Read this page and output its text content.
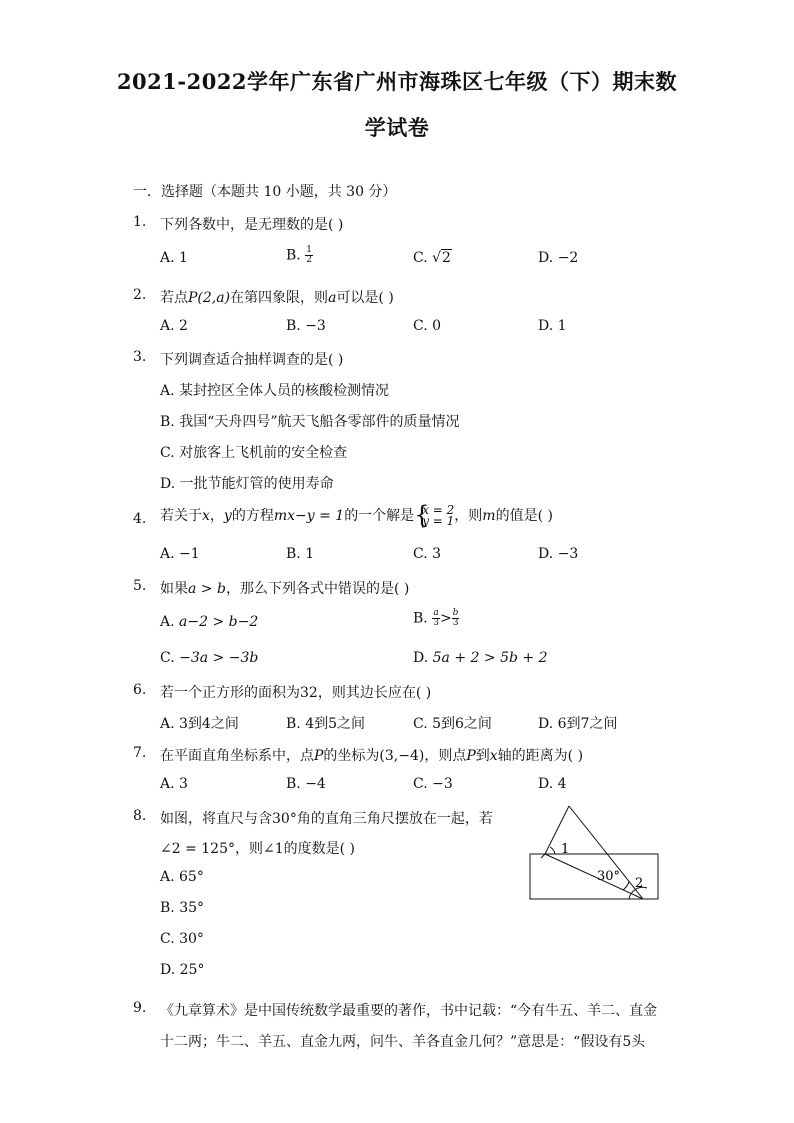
2021-2022学年广东省广州市海珠区七年级（下）期末数
学试卷
一．选择题（本题共 10 小题，共 30 分）
1. 下列各数中，是无理数的是( )
A. 1	B. $\frac{1}{2}$	C. √2	D. −2
2. 若点P(2,a)在第四象限，则a可以是( )
A. 2	B. −3	C. 0	D. 1
3. 下列调查适合抽样调查的是( )
A. 某封控区全体人员的核酸检测情况
B. 我国“天舟四号”航天飞船各零部件的质量情况
C. 对旅客上飞机前的安全检查
D. 一批节能灯管的使用寿命
4. 若关于x，y的方程mx−y = 1的一个解是 {
x = 2
y = 1 ，则m的值是( )
A. −1	B. 1	C. 3	D. −3
5. 如果a > b，那么下列各式中错误的是( )
A. a−2 > b−2	B. $\frac{a}{3} > \frac{b}{3}$
C. −3a > −3b	D. 5a + 2 > 5b + 2
6. 若一个正方形的面积为32，则其边长应在( )
A. 3到4之间	B. 4到5之间	C. 5到6之间	D. 6到7之间
7. 在平面直角坐标系中，点P的坐标为(3,−4)，则点P到x轴的距离为( )
A. 3	B. −4	C. −3	D. 4
8. 如图，将直尺与含30°角的直角三角尺摆放在一起，若
∠2 = 125°，则∠1的度数是( )
A. 65°
B. 35°
C. 30°
D. 25°
1
30° 2
9. 《九章算术》是中国传统数学最重要的著作，书中记载：“今有牛五、羊二、直金
十二两；牛二、羊五、直金九两，问牛、羊各直金几何？”意思是：“假设有5头
